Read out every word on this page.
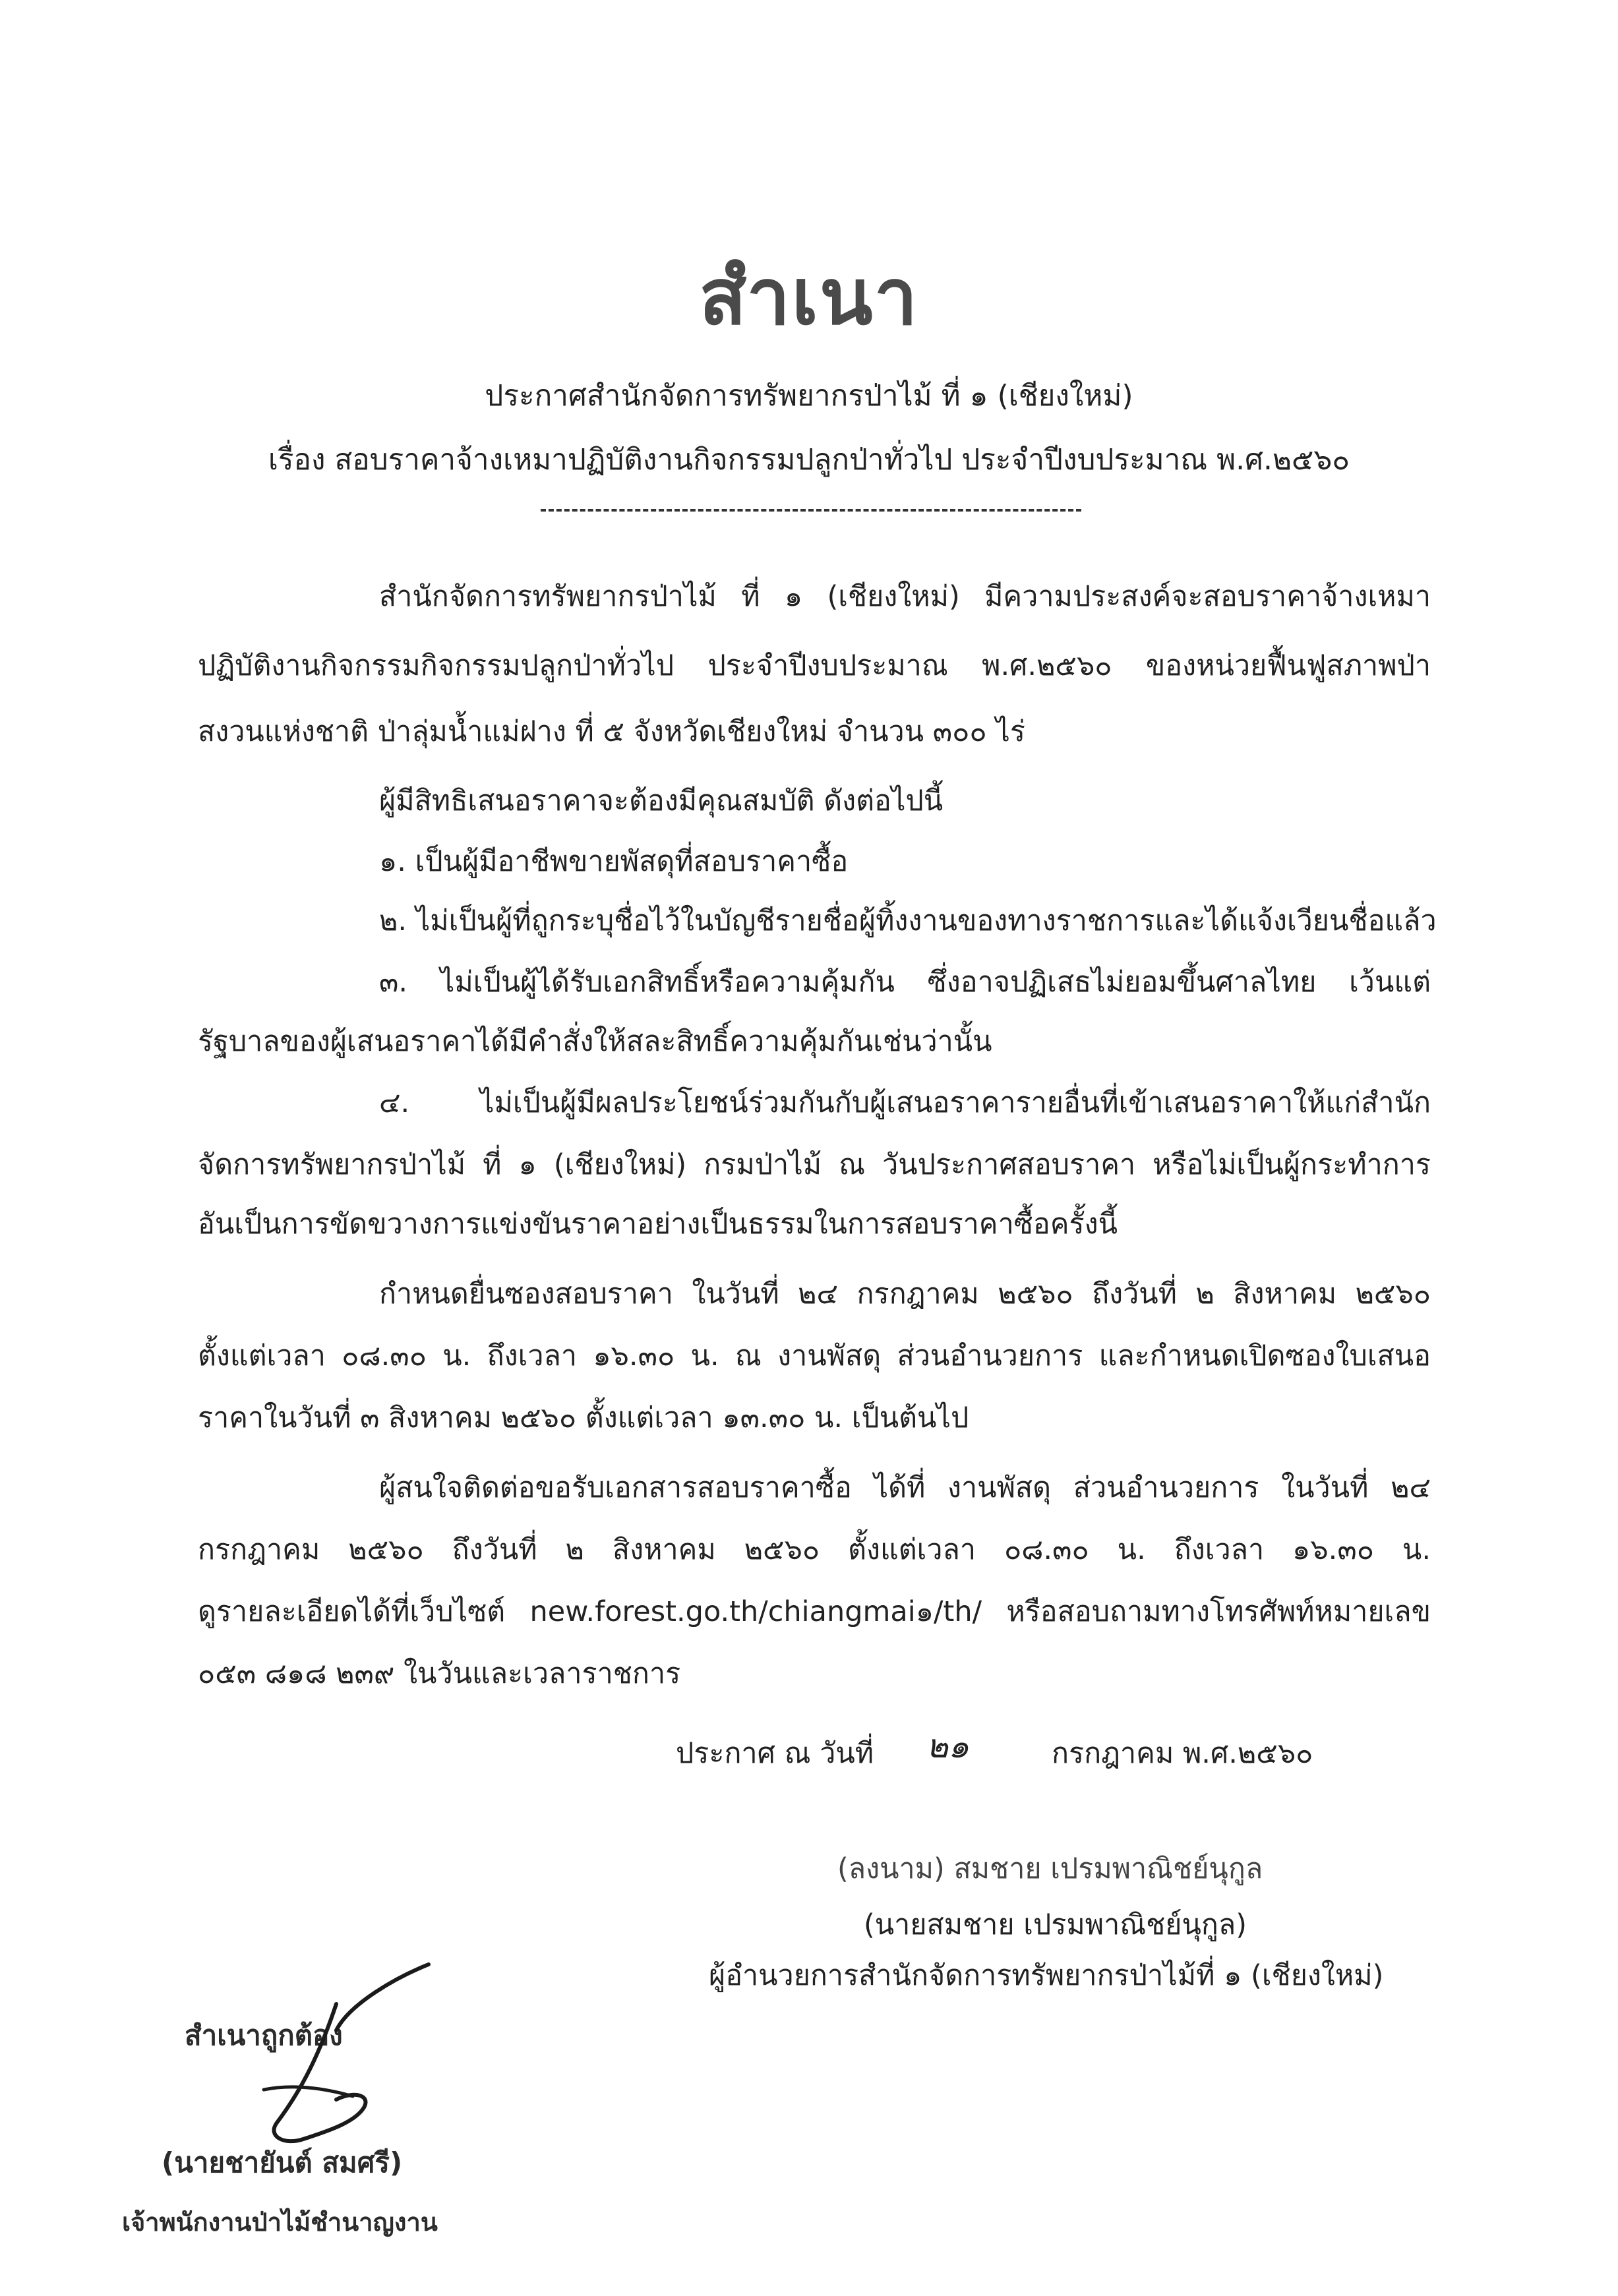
สำเนา
ประกาศสำนักจัดการทรัพยากรป่าไม้ ที่ ๑ (เชียงใหม่)
เรื่อง สอบราคาจ้างเหมาปฏิบัติงานกิจกรรมปลูกป่าทั่วไป ประจำปีงบประมาณ พ.ศ.๒๕๖๐
สำนักจัดการทรัพยากรป่าไม้ ที่ ๑ (เชียงใหม่) มีความประสงค์จะสอบราคาจ้างเหมา
ปฏิบัติงานกิจกรรมกิจกรรมปลูกป่าทั่วไป ประจำปีงบประมาณ พ.ศ.๒๕๖๐ ของหน่วยฟื้นฟูสภาพป่า
สงวนแห่งชาติ ป่าลุ่มน้ำแม่ฝาง ที่ ๕ จังหวัดเชียงใหม่ จำนวน ๓๐๐ ไร่
ผู้มีสิทธิเสนอราคาจะต้องมีคุณสมบัติ ดังต่อไปนี้
๑. เป็นผู้มีอาชีพขายพัสดุที่สอบราคาซื้อ
๒. ไม่เป็นผู้ที่ถูกระบุชื่อไว้ในบัญชีรายชื่อผู้ทิ้งงานของทางราชการและได้แจ้งเวียนชื่อแล้ว
๓. ไม่เป็นผู้ได้รับเอกสิทธิ์หรือความคุ้มกัน ซึ่งอาจปฏิเสธไม่ยอมขึ้นศาลไทย เว้นแต่
รัฐบาลของผู้เสนอราคาได้มีคำสั่งให้สละสิทธิ์ความคุ้มกันเช่นว่านั้น
๔. ไม่เป็นผู้มีผลประโยชน์ร่วมกันกับผู้เสนอราคารายอื่นที่เข้าเสนอราคาให้แก่สำนัก
จัดการทรัพยากรป่าไม้ ที่ ๑ (เชียงใหม่) กรมป่าไม้ ณ วันประกาศสอบราคา หรือไม่เป็นผู้กระทำการ
อันเป็นการขัดขวางการแข่งขันราคาอย่างเป็นธรรมในการสอบราคาซื้อครั้งนี้
กำหนดยื่นซองสอบราคา ในวันที่ ๒๔ กรกฎาคม ๒๕๖๐ ถึงวันที่ ๒ สิงหาคม ๒๕๖๐
ตั้งแต่เวลา ๐๘.๓๐ น. ถึงเวลา ๑๖.๓๐ น. ณ งานพัสดุ ส่วนอำนวยการ และกำหนดเปิดซองใบเสนอ
ราคาในวันที่ ๓ สิงหาคม ๒๕๖๐ ตั้งแต่เวลา ๑๓.๓๐ น. เป็นต้นไป
ผู้สนใจติดต่อขอรับเอกสารสอบราคาซื้อ ได้ที่ งานพัสดุ ส่วนอำนวยการ ในวันที่ ๒๔
กรกฎาคม ๒๕๖๐ ถึงวันที่ ๒ สิงหาคม ๒๕๖๐ ตั้งแต่เวลา ๐๘.๓๐ น. ถึงเวลา ๑๖.๓๐ น.
ดูรายละเอียดได้ที่เว็บไซต์ new.forest.go.th/chiangmai๑/th/ หรือสอบถามทางโทรศัพท์หมายเลข
๐๕๓ ๘๑๘ ๒๓๙ ในวันและเวลาราชการ
ประกาศ ณ วันที่ ๒๑	กรกฎาคม พ.ศ.๒๕๖๐
(ลงนาม) สมชาย เปรมพาณิชย์นุกูล
(นายสมชาย เปรมพาณิชย์นุกูล)
ผู้อำนวยการสำนักจัดการทรัพยากรป่าไม้ที่ ๑ (เชียงใหม่)
สำเนาถูกต้อง
(นายชายันต์ สมศรี)
เจ้าพนักงานป่าไม้ชำนาญงาน
